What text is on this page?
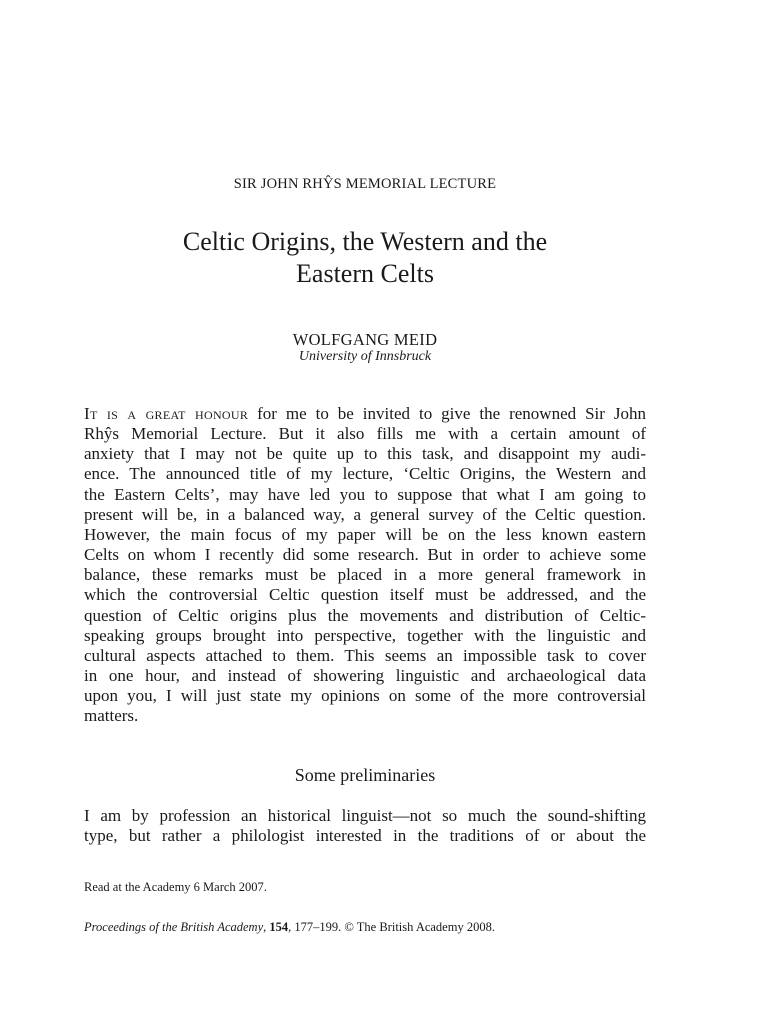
SIR JOHN RHŶS MEMORIAL LECTURE
Celtic Origins, the Western and the
Eastern Celts
WOLFGANG MEID
University of Innsbruck

It is a great honour for me to be invited to give the renowned Sir John
Rhŷs Memorial Lecture. But it also fills me with a certain amount of
anxiety that I may not be quite up to this task, and disappoint my audi-
ence. The announced title of my lecture, ‘Celtic Origins, the Western and
the Eastern Celts’, may have led you to suppose that what I am going to
present will be, in a balanced way, a general survey of the Celtic question.
However, the main focus of my paper will be on the less known eastern
Celts on whom I recently did some research. But in order to achieve some
balance, these remarks must be placed in a more general framework in
which the controversial Celtic question itself must be addressed, and the
question of Celtic origins plus the movements and distribution of Celtic-
speaking groups brought into perspective, together with the linguistic and
cultural aspects attached to them. This seems an impossible task to cover
in one hour, and instead of showering linguistic and archaeological data
upon you, I will just state my opinions on some of the more controversial
matters.

Some preliminaries

I am by profession an historical linguist—not so much the sound-shifting
type, but rather a philologist interested in the traditions of or about the

Read at the Academy 6 March 2007.
Proceedings of the British Academy, 154, 177–199. © The British Academy 2008.
